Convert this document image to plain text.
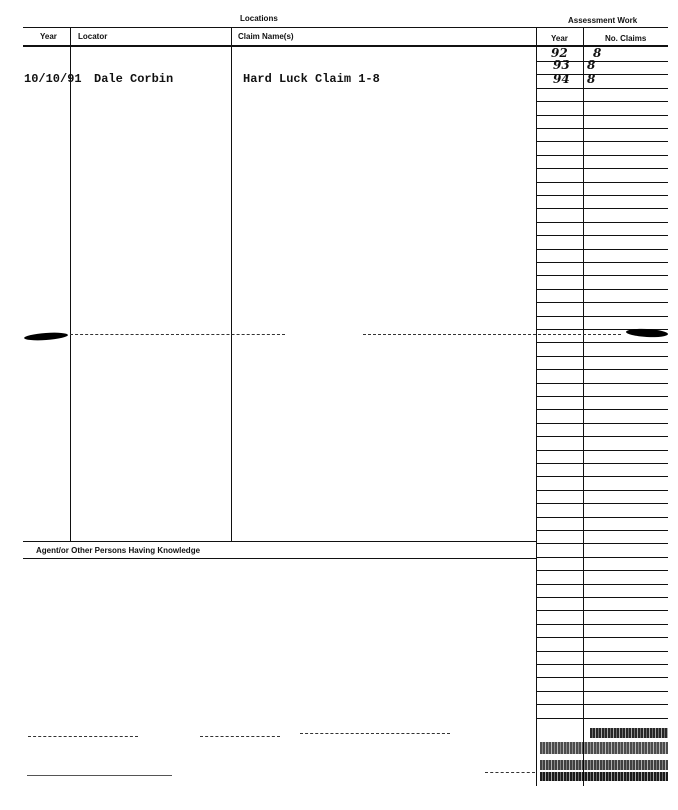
Locations	Assessment Work
Year	Locator	Claim Name(s)	Year	No. Claims
92 8
93 8
94 8
10/10/91 Dale Corbin	Hard Luck Claim 1-8
Agent/or Other Persons Having Knowledge
